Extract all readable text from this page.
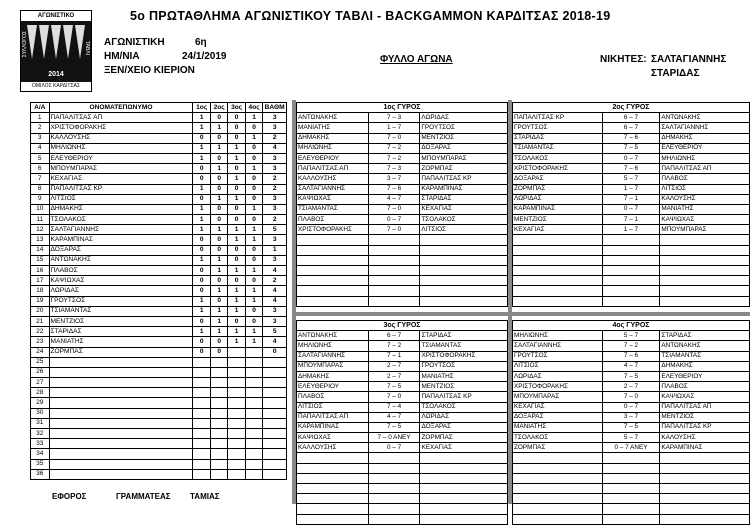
ΑΓΩΝΙΣΤΙΚΟ
ΣΥΛΛΟΓΟΣ	ΤΑΒΛΙ
2014
ΟΜΙΛΟΣ ΚΑΡΔΙΤΣΑΣ
5ο ΠΡΩΤΑΘΛΗΜΑ ΑΓΩΝΙΣΤΙΚΟΥ ΤΑΒΛΙ - BACKGAMMON ΚΑΡΔΙΤΣΑΣ 2018-19
ΑΓΩΝΙΣΤΙΚΗ	6η
ΗΜ/ΝΙΑ	24/1/2019
ΞΕΝ/ΧΕΙΟ ΚΙΕΡΙΟΝ
ΦΥΛΛΟ ΑΓΩΝΑ	ΝΙΚΗΤΕΣ: ΣΑΛΤΑΓΙΑΝΝΗΣ
ΣΤΑΡΙΔΑΣ
Α/Α	ΟΝΟΜΑΤΕΠΩΝΥΜΟ	1ος	2ος	3ος	4ος	ΒΑΘΜ
1	ΠΑΠΑΛΙΤΣΑΣ ΑΠ	1	0	0	1	3
2	ΧΡΙΣΤΟΦΟΡΑΚΗΣ	1	1	0	0	3
3	ΚΑΛΛΟΥΣΗΣ	0	0	0	1	2
4	ΜΗΛΙΩΝΗΣ	1	1	1	0	4
5	ΕΛΕΥΘΕΡΙΟΥ	1	0	1	0	3
6	ΜΠΟΥΜΠΑΡΑΣ	0	1	0	1	3
7	ΚΕΧΑΓΙΑΣ	0	0	1	0	2
8	ΠΑΠΑΛΙΤΣΑΣ ΚΡ	1	0	0	0	2
9	ΛΙΤΣΙΟΣ	0	1	1	0	3
10	ΔΗΜΑΚΗΣ	1	0	0	1	3
11	ΤΣΟΛΑΚΟΣ	1	0	0	0	2
12	ΣΑΛΤΑΓΙΑΝΝΗΣ	1	1	1	1	5
13	ΚΑΡΑΜΠΙΝΑΣ	0	0	1	1	3
14	ΔΟΞΑΡΑΣ	0	0	0	0	1
15	ΑΝΤΩΝΑΚΗΣ	1	1	0	0	3
16	ΠΛΑΒΟΣ	0	1	1	1	4
17	ΚΑΨΙΩΧΑΣ	0	0	0	0	2
18	ΛΩΡΙΔΑΣ	0	1	1	1	4
19	ΓΡΟΥΤΣΟΣ	1	0	1	1	4
20	ΤΣΙΑΜΑΝΤΑΣ	1	1	1	0	3
21	ΜΕΝΤΖΙΟΣ	0	1	0	0	3
22	ΣΤΑΡΙΔΑΣ	1	1	1	1	5
23	ΜΑΝΙΑΤΗΣ	0	0	1	1	4
24	ΖΟΡΜΠΑΣ	0	0			0
25						
26						
27						
28						
29						
30						
31						
32						
33						
34						
35						
36						
1ος ΓΥΡΟΣ		
ΑΝΤΩΝΑΚΗΣ	7 – 3	ΛΩΡΙΔΑΣ
ΜΑΝΙΑΤΗΣ	1 – 7	ΓΡΟΥΤΣΟΣ
ΔΗΜΑΚΗΣ	7 – 0	ΜΕΝΤΖΙΟΣ
ΜΗΛΙΩΝΗΣ	7 – 2	ΔΟΞΑΡΑΣ
ΕΛΕΥΘΕΡΙΟΥ	7 – 2	ΜΠΟΥΜΠΑΡΑΣ
ΠΑΠΑΛΙΤΣΑΣ ΑΠ	7 – 3	ΖΟΡΜΠΑΣ
ΚΑΛΛΟΥΣΗΣ	3 – 7	ΠΑΠΑΛΙΤΣΑΣ ΚΡ
ΣΑΛΤΑΓΙΑΝΝΗΣ	7 – 6	ΚΑΡΑΜΠΙΝΑΣ
ΚΑΨΙΩΧΑΣ	4 – 7	ΣΤΑΡΙΔΑΣ
ΤΣΙΑΜΑΝΤΑΣ	7 – 0	ΚΕΧΑΓΙΑΣ
ΠΛΑΒΟΣ	0 – 7	ΤΣΟΛΑΚΟΣ
ΧΡΙΣΤΟΦΟΡΑΚΗΣ	7 – 0	ΛΙΤΣΙΟΣ

2ος ΓΥΡΟΣ		
ΠΑΠΑΛΙΤΣΑΣ ΚΡ	6 – 7	ΑΝΤΩΝΑΚΗΣ
ΓΡΟΥΤΣΟΣ	6 – 7	ΣΑΛΤΑΓΙΑΝΝΗΣ
ΣΤΑΡΙΔΑΣ	7 – 6	ΔΗΜΑΚΗΣ
ΤΣΙΑΜΑΝΤΑΣ	7 – 5	ΕΛΕΥΘΕΡΙΟΥ
ΤΣΟΛΑΚΟΣ	0 – 7	ΜΗΛΙΩΝΗΣ
ΧΡΙΣΤΟΦΟΡΑΚΗΣ	7 – 6	ΠΑΠΑΛΙΤΣΑΣ ΑΠ
ΔΟΞΑΡΑΣ	5 – 7	ΠΛΑΒΟΣ
ΖΟΡΜΠΑΣ	1 – 7	ΛΙΤΣΙΟΣ
ΛΩΡΙΔΑΣ	7 – 1	ΚΑΛΟΥΣΗΣ
ΚΑΡΑΜΠΙΝΑΣ	0 – 7	ΜΑΝΙΑΤΗΣ
ΜΕΝΤΖΙΟΣ	7 – 1	ΚΑΨΙΩΧΑΣ
ΚΕΧΑΓΙΑΣ	1 – 7	ΜΠΟΥΜΠΑΡΑΣ

3ος ΓΥΡΟΣ		
ΑΝΤΩΝΑΚΗΣ	6 – 7	ΣΤΑΡΙΔΑΣ
ΜΗΛΙΩΝΗΣ	7 – 2	ΤΣΙΑΜΑΝΤΑΣ
ΣΑΛΤΑΓΙΑΝΝΗΣ	7 – 1	ΧΡΙΣΤΟΦΟΡΑΚΗΣ
ΜΠΟΥΜΠΑΡΑΣ	2 – 7	ΓΡΟΥΤΣΟΣ
ΔΗΜΑΚΗΣ	2 – 7	ΜΑΝΙΑΤΗΣ
ΕΛΕΥΘΕΡΙΟΥ	7 – 5	ΜΕΝΤΖΙΟΣ
ΠΛΑΒΟΣ	7 – 0	ΠΑΠΑΛΙΤΣΑΣ ΚΡ
ΛΙΤΣΙΟΣ	7 – 4	ΤΣΟΛΑΚΟΣ
ΠΑΠΑΛΙΤΣΑΣ ΑΠ	4 – 7	ΛΩΡΙΔΑΣ
ΚΑΡΑΜΠΙΝΑΣ	7 – 5	ΔΟΞΑΡΑΣ
ΚΑΨΙΩΧΑΣ	7 – 0 ΑΝΕΥ	ΖΟΡΜΠΑΣ
ΚΑΛΛΟΥΣΗΣ	0 – 7	ΚΕΧΑΓΙΑΣ

4ος ΓΥΡΟΣ		
ΜΗΛΙΩΝΗΣ	5 – 7	ΣΤΑΡΙΔΑΣ
ΣΑΛΤΑΓΙΑΝΝΗΣ	7 – 2	ΑΝΤΩΝΑΚΗΣ
ΓΡΟΥΤΣΟΣ	7 – 6	ΤΣΙΑΜΑΝΤΑΣ
ΛΙΤΣΙΟΣ	4 – 7	ΔΗΜΑΚΗΣ
ΛΩΡΙΔΑΣ	7 – 5	ΕΛΕΥΘΕΡΙΟΥ
ΧΡΙΣΤΟΦΟΡΑΚΗΣ	2 – 7	ΠΛΑΒΟΣ
ΜΠΟΥΜΠΑΡΑΣ	7 – 0	ΚΑΨΙΩΧΑΣ
ΚΕΧΑΓΙΑΣ	0 – 7	ΠΑΠΑΛΙΤΣΑΣ ΑΠ
ΔΟΞΑΡΑΣ	3 – 7	ΜΕΝΤΖΙΟΣ
ΜΑΝΙΑΤΗΣ	7 – 5	ΠΑΠΑΛΙΤΣΑΣ ΚΡ
ΤΣΟΛΑΚΟΣ	5 – 7	ΚΑΛΟΥΣΗΣ
ΖΟΡΜΠΑΣ	0 – 7 ΑΝΕΥ	ΚΑΡΑΜΠΙΝΑΣ

ΕΦΟΡΟΣ	ΓΡΑΜΜΑΤΕΑΣ ΤΑΜΙΑΣ
